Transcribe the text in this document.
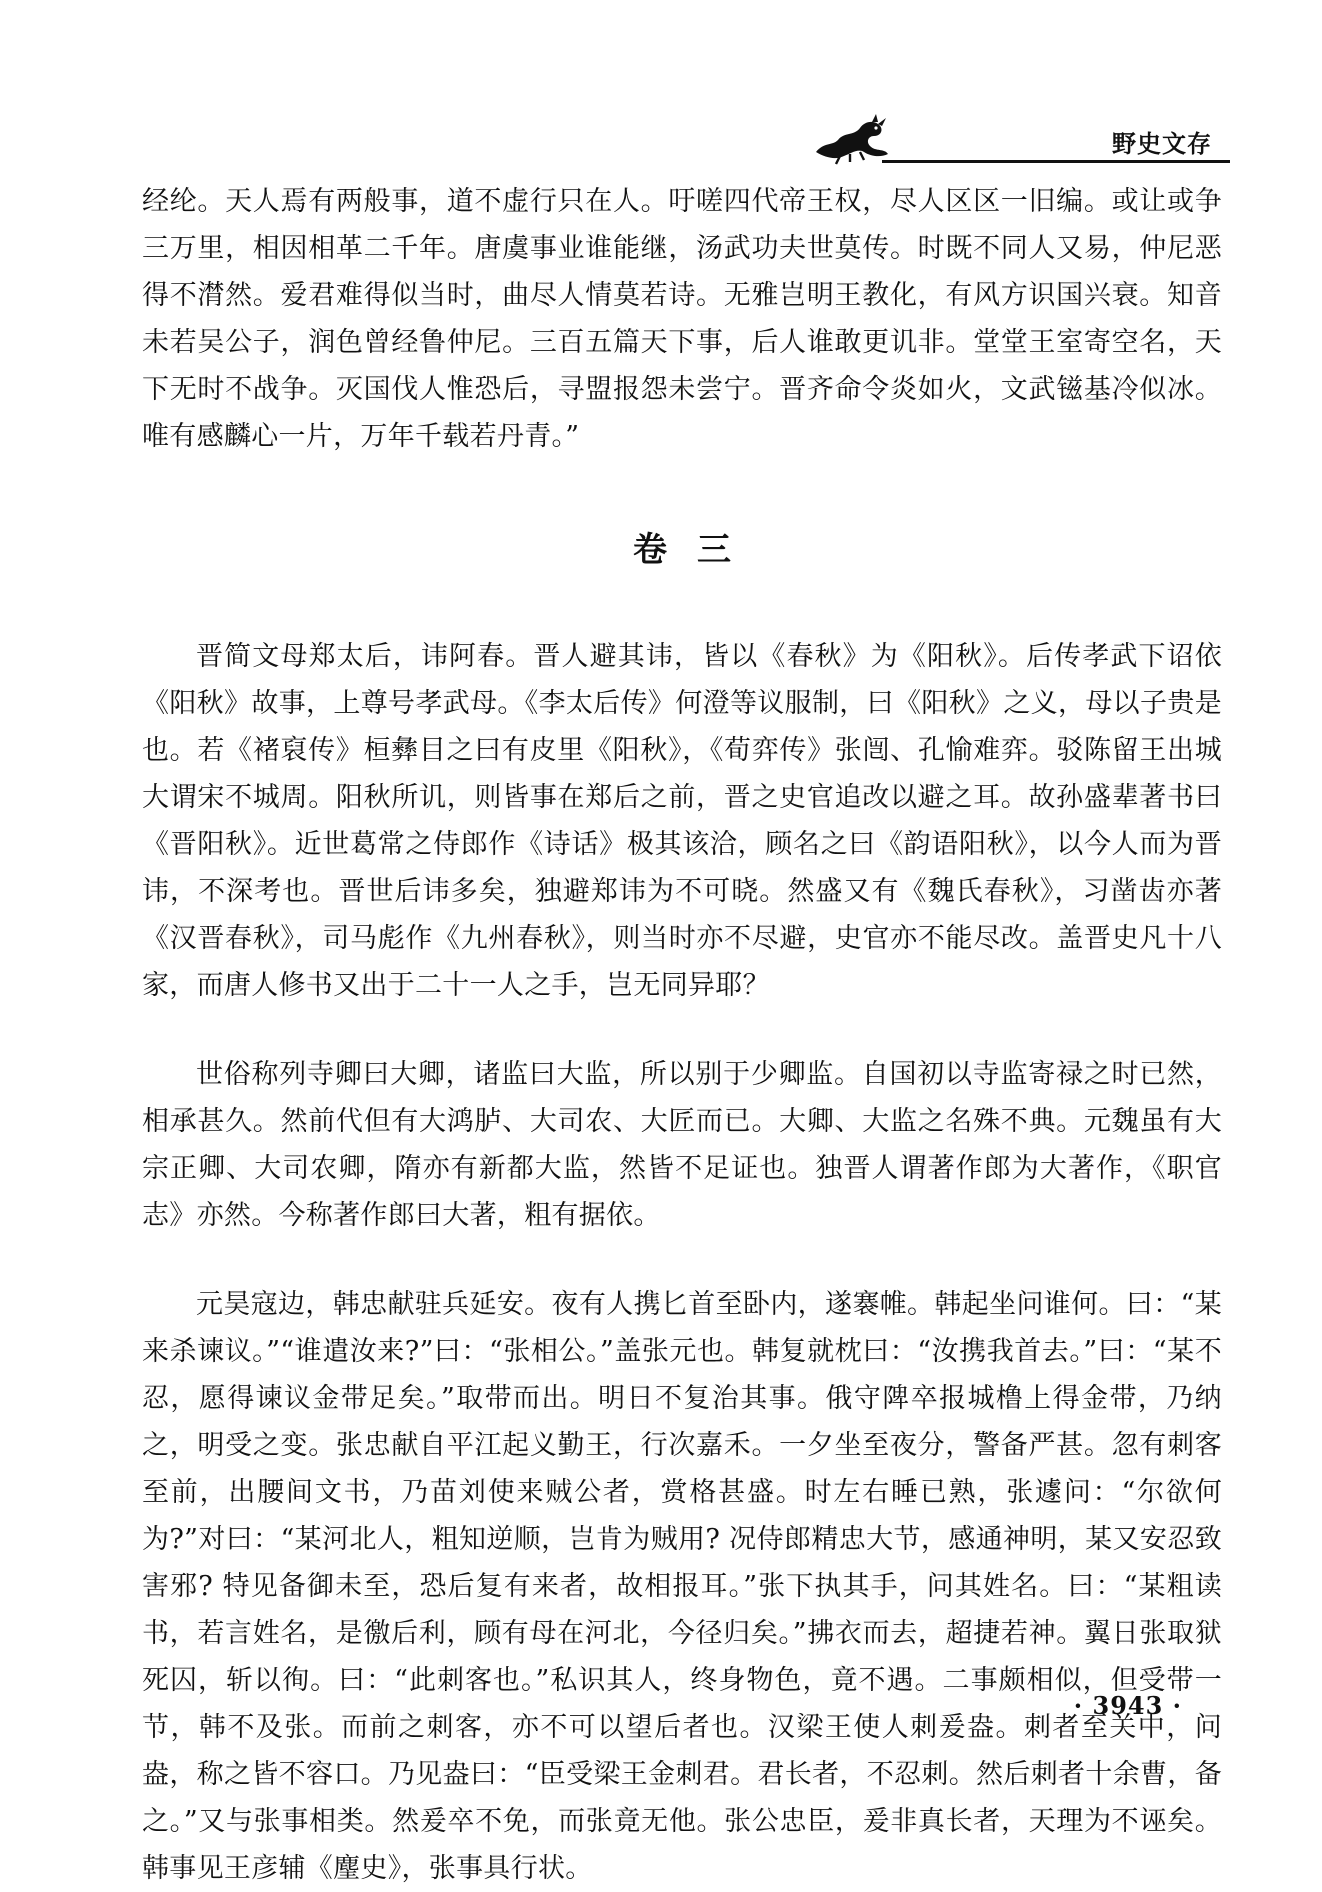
野史文存

经纶。天人焉有两般事，道不虚行只在人。吁嗟四代帝王权，尽人区区一旧编。或让或争三万里，相因相革二千年。唐虞事业谁能继，汤武功夫世莫传。时既不同人又易，仲尼恶得不潸然。爱君难得似当时，曲尽人情莫若诗。无雅岂明王教化，有风方识国兴衰。知音未若吴公子，润色曾经鲁仲尼。三百五篇天下事，后人谁敢更讥非。堂堂王室寄空名，天下无时不战争。灭国伐人惟恐后，寻盟报怨未尝宁。晋齐命令炎如火，文武镃基冷似冰。唯有感麟心一片，万年千载若丹青。”

卷三

晋简文母郑太后，讳阿春。晋人避其讳，皆以《春秋》为《阳秋》。后传孝武下诏依《阳秋》故事，上尊号孝武母。《李太后传》何澄等议服制，曰《阳秋》之义，母以子贵是也。若《褚裒传》桓彝目之曰有皮里《阳秋》，《荀弈传》张闿、孔愉难弈。驳陈留王出城大谓宋不城周。阳秋所讥，则皆事在郑后之前，晋之史官追改以避之耳。故孙盛辈著书曰《晋阳秋》。近世葛常之侍郎作《诗话》极其该洽，顾名之曰《韵语阳秋》，以今人而为晋讳，不深考也。晋世后讳多矣，独避郑讳为不可晓。然盛又有《魏氏春秋》，习凿齿亦著《汉晋春秋》，司马彪作《九州春秋》，则当时亦不尽避，史官亦不能尽改。盖晋史凡十八家，而唐人修书又出于二十一人之手，岂无同异耶？

世俗称列寺卿曰大卿，诸监曰大监，所以别于少卿监。自国初以寺监寄禄之时已然，相承甚久。然前代但有大鸿胪、大司农、大匠而已。大卿、大监之名殊不典。元魏虽有大宗正卿、大司农卿，隋亦有新都大监，然皆不足证也。独晋人谓著作郎为大著作，《职官志》亦然。今称著作郎曰大著，粗有据依。

元昊寇边，韩忠献驻兵延安。夜有人携匕首至卧内，遂褰帷。韩起坐问谁何。曰：“某来杀谏议。”“谁遣汝来?”曰：“张相公。”盖张元也。韩复就枕曰：“汝携我首去。”曰：“某不忍，愿得谏议金带足矣。”取带而出。明日不复治其事。俄守陴卒报城橹上得金带，乃纳之，明受之变。张忠献自平江起义勤王，行次嘉禾。一夕坐至夜分，警备严甚。忽有刺客至前，出腰间文书，乃苗刘使来贼公者，赏格甚盛。时左右睡已熟，张遽问：“尔欲何为?”对曰：“某河北人，粗知逆顺，岂肯为贼用? 况侍郎精忠大节，感通神明，某又安忍致害邪? 特见备御未至，恐后复有来者，故相报耳。”张下执其手，问其姓名。曰：“某粗读书，若言姓名，是徼后利，顾有母在河北，今径归矣。”拂衣而去，超捷若神。翼日张取狱死囚，斩以徇。曰：“此刺客也。”私识其人，终身物色，竟不遇。二事颇相似，但受带一节，韩不及张。而前之刺客，亦不可以望后者也。汉梁王使人刺爰盎。刺者至关中，问盎，称之皆不容口。乃见盎曰：“臣受梁王金刺君。君长者，不忍刺。然后刺者十余曹，备之。”又与张事相类。然爰卒不免，而张竟无他。张公忠臣，爰非真长者，天理为不诬矣。韩事见王彦辅《麈史》，张事具行状。

· 3943 ·
